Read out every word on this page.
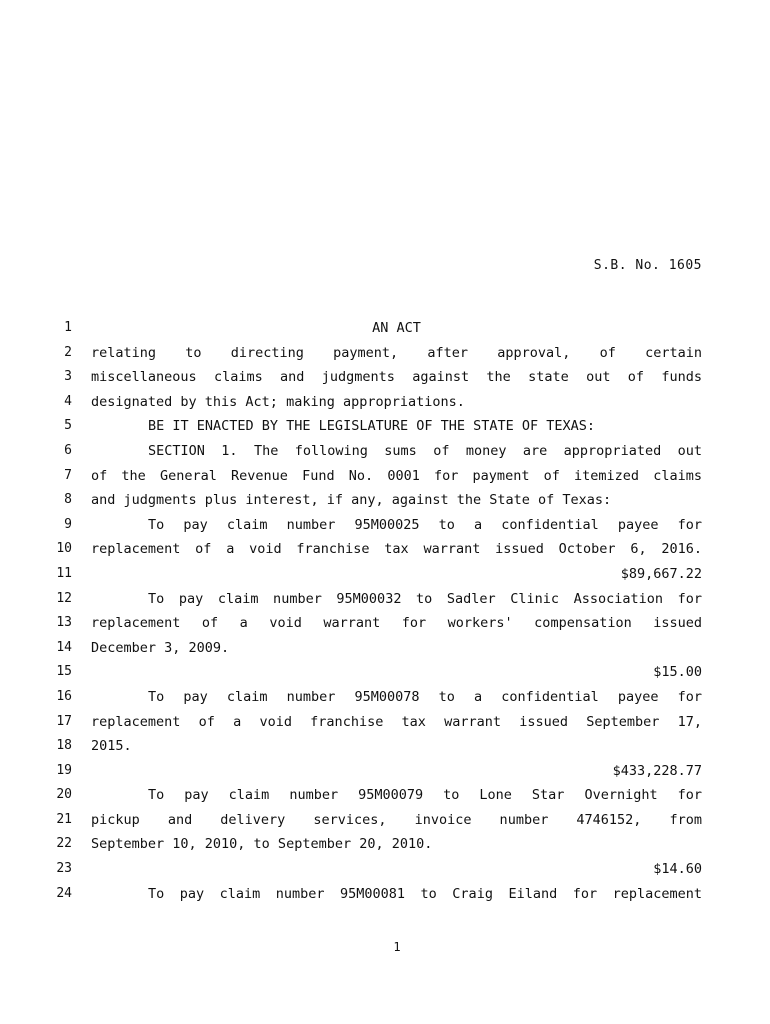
S.B. No. 1605
1	AN ACT
2 relating to directing payment, after approval, of certain
3 miscellaneous claims and judgments against the state out of funds
4 designated by this Act; making appropriations.
5	BE IT ENACTED BY THE LEGISLATURE OF THE STATE OF TEXAS:
6	SECTION 1. The following sums of money are appropriated out
7 of the General Revenue Fund No. 0001 for payment of itemized claims
8 and judgments plus interest, if any, against the State of Texas:
9	To pay claim number 95M00025 to a confidential payee for
10 replacement of a void franchise tax warrant issued October 6, 2016.
11	$89,667.22
12	To pay claim number 95M00032 to Sadler Clinic Association for
13 replacement of a void warrant for workers' compensation issued
14 December 3, 2009.
15	$15.00
16	To pay claim number 95M00078 to a confidential payee for
17 replacement of a void franchise tax warrant issued September 17,
18 2015.
19	$433,228.77
20	To pay claim number 95M00079 to Lone Star Overnight for
21 pickup and delivery services, invoice number 4746152, from
22 September 10, 2010, to September 20, 2010.
23	$14.60
24	To pay claim number 95M00081 to Craig Eiland for replacement
1
